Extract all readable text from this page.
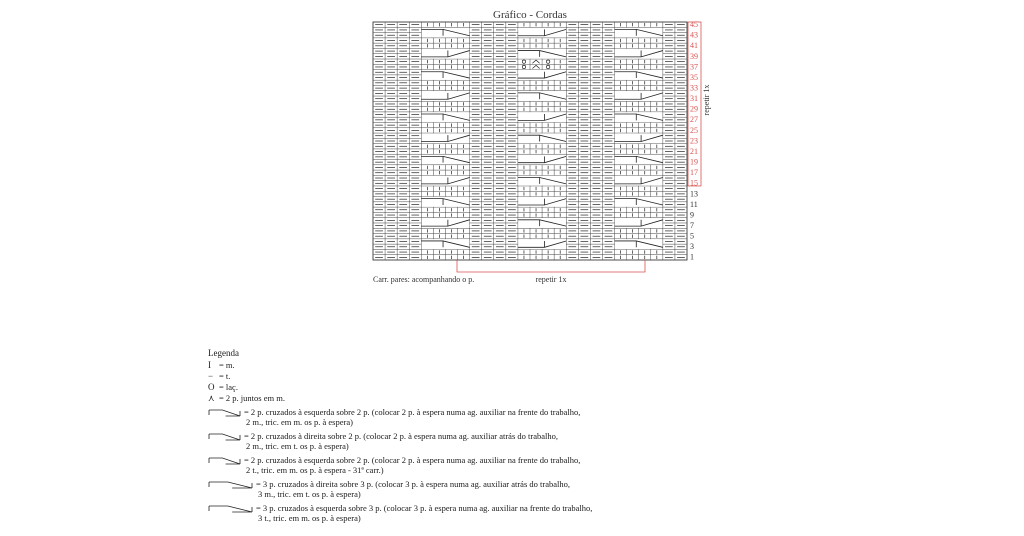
Gráfico - Cordas
45
43
41
39
37
35
33
31
29
27
25
23
21
19
17
15
13
11
9
7
5
3
1
repetir 1x
Carr. pares: acompanhando o p.	repetir 1x
Legenda
I = m.
− = t.
O = laç.
⋏ = 2 p. juntos em m.
= 2 p. cruzados à esquerda sobre 2 p. (colocar 2 p. à espera numa ag. auxiliar na frente do trabalho,
2 m., tric. em m. os p. à espera)
= 2 p. cruzados à direita sobre 2 p. (colocar 2 p. à espera numa ag. auxiliar atrás do trabalho,
2 m., tric. em t. os p. à espera)
= 2 p. cruzados à esquerda sobre 2 p. (colocar 2 p. à espera numa ag. auxiliar na frente do trabalho,
2 t., tric. em m. os p. à espera - 31ª carr.)
= 3 p. cruzados à direita sobre 3 p. (colocar 3 p. à espera numa ag. auxiliar atrás do trabalho,
3 m., tric. em t. os p. à espera)
= 3 p. cruzados à esquerda sobre 3 p. (colocar 3 p. à espera numa ag. auxiliar na frente do trabalho,
3 t., tric. em m. os p. à espera)
